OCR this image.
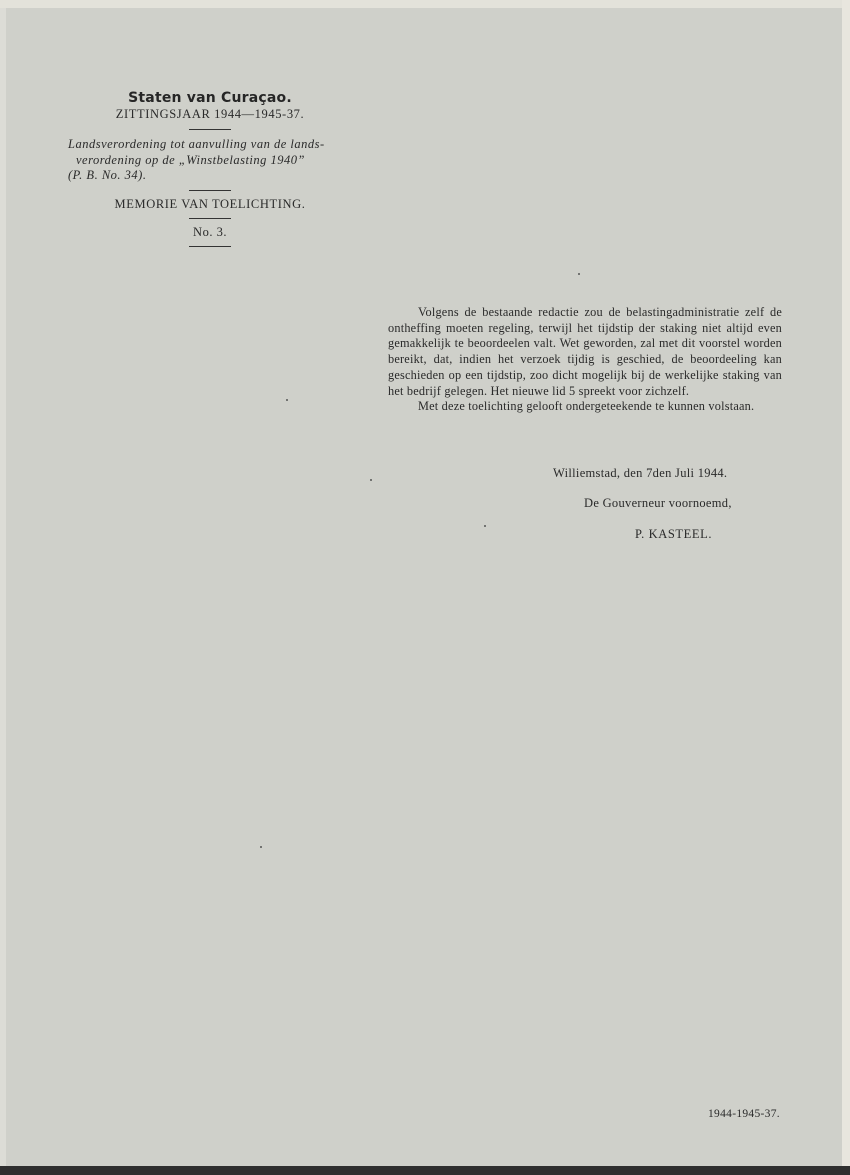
Staten van Curaçao.
ZITTINGSJAAR 1944—1945-37.
Landsverordening tot aanvulling van de lands-
verordening op de „Winstbelasting 1940”
(P. B. No. 34).
MEMORIE VAN TOELICHTING.
No. 3.

Volgens de bestaande redactie zou de belastingadministratie zelf de ontheffing moeten regeling, terwijl het tijdstip der staking niet altijd even gemakkelijk te beoordeelen valt. Wet geworden, zal met dit voorstel worden bereikt, dat, indien het verzoek tijdig is geschied, de beoordeeling kan geschieden op een tijdstip, zoo dicht mogelijk bij de werkelijke staking van het bedrijf gelegen. Het nieuwe lid 5 spreekt voor zichzelf.

Met deze toelichting gelooft ondergeteekende te kunnen volstaan.

Williemstad, den 7den Juli 1944.
De Gouverneur voornoemd,
P. KASTEEL.
1944-1945-37.
